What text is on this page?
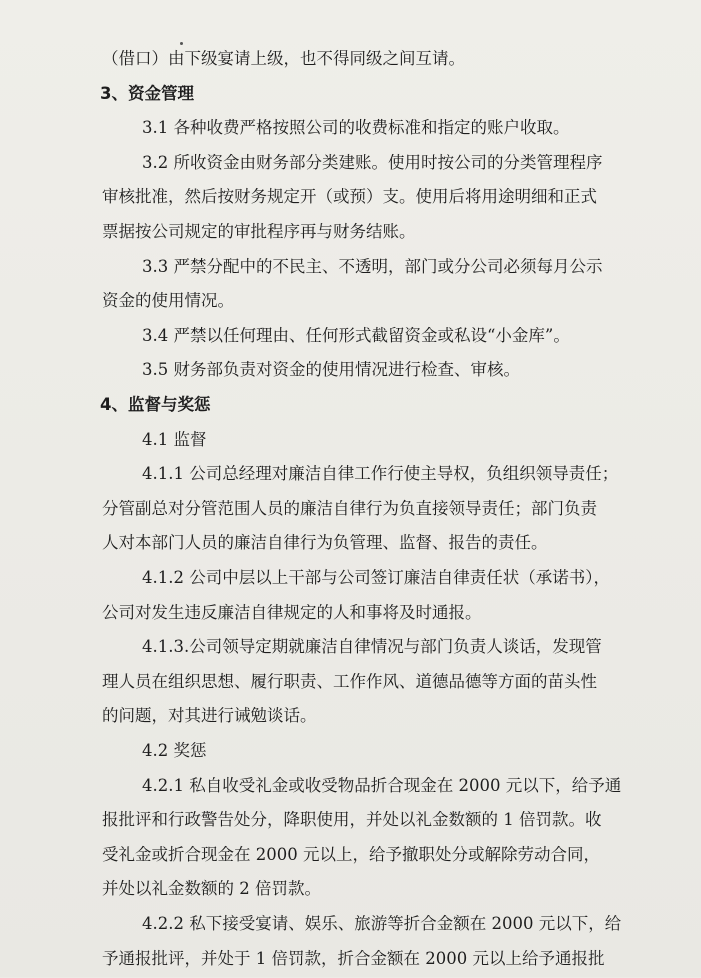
（借口）由下级宴请上级，也不得同级之间互请。
3、资金管理
3.1 各种收费严格按照公司的收费标准和指定的账户收取。
3.2 所收资金由财务部分类建账。使用时按公司的分类管理程序
审核批准，然后按财务规定开（或预）支。使用后将用途明细和正式
票据按公司规定的审批程序再与财务结账。
3.3 严禁分配中的不民主、不透明，部门或分公司必须每月公示
资金的使用情况。
3.4 严禁以任何理由、任何形式截留资金或私设“小金库”。
3.5 财务部负责对资金的使用情况进行检查、审核。
4、监督与奖惩
4.1 监督
4.1.1 公司总经理对廉洁自律工作行使主导权，负组织领导责任；
分管副总对分管范围人员的廉洁自律行为负直接领导责任；部门负责
人对本部门人员的廉洁自律行为负管理、监督、报告的责任。
4.1.2 公司中层以上干部与公司签订廉洁自律责任状（承诺书），
公司对发生违反廉洁自律规定的人和事将及时通报。
4.1.3.公司领导定期就廉洁自律情况与部门负责人谈话，发现管
理人员在组织思想、履行职责、工作作风、道德品德等方面的苗头性
的问题，对其进行诫勉谈话。
4.2 奖惩
4.2.1 私自收受礼金或收受物品折合现金在 2000 元以下，给予通
报批评和行政警告处分，降职使用，并处以礼金数额的 1 倍罚款。收
受礼金或折合现金在 2000 元以上，给予撤职处分或解除劳动合同，
并处以礼金数额的 2 倍罚款。
4.2.2 私下接受宴请、娱乐、旅游等折合金额在 2000 元以下，给
予通报批评，并处于 1 倍罚款，折合金额在 2000 元以上给予通报批
